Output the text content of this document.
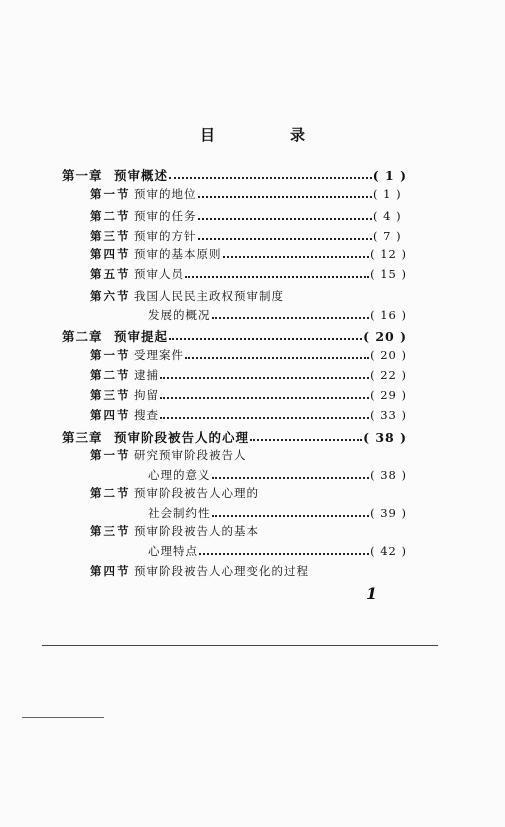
目　录
第一章 预审概述	( 1 )
第一节 预审的地位	( 1 )
第二节 预审的任务	( 4 )
第三节 预审的方针	( 7 )
第四节 预审的基本原则	( 12 )
第五节 预审人员	( 15 )
第六节 我国人民民主政权预审制度
发展的概况	( 16 )
第二章 预审提起	( 20 )
第一节 受理案件	( 20 )
第二节 逮捕	( 22 )
第三节 拘留	( 29 )
第四节 搜查	( 33 )
第三章 预审阶段被告人的心理	( 38 )
第一节 研究预审阶段被告人
心理的意义	( 38 )
第二节 预审阶段被告人心理的
社会制约性	( 39 )
第三节 预审阶段被告人的基本
心理特点	( 42 )
第四节 预审阶段被告人心理变化的过程
1
